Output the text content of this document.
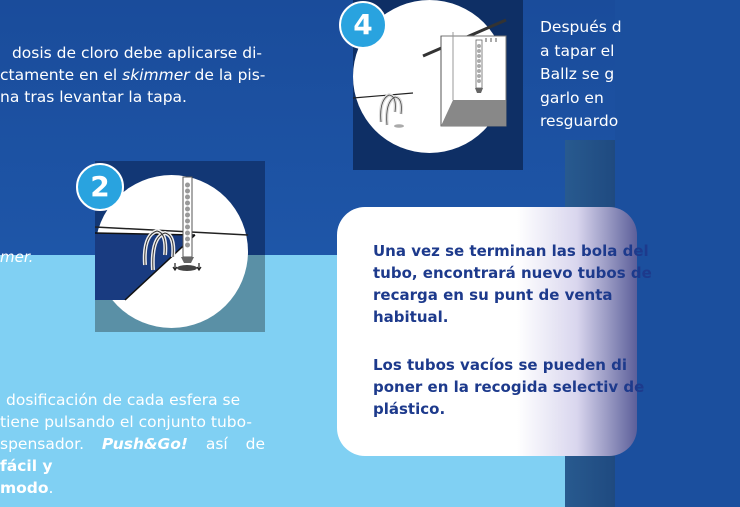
dosis de cloro debe aplicarse di-
ctamente en el skimmer de la pis-
na tras levantar la tapa.
mer.
dosificación de cada esfera se
tiene pulsando el conjunto tubo-
spensador. Push&Go! así de fácil y
modo.
2
4	Después d
a tapar el
Ballz se g
garlo en
resguardo

Una vez se terminan las bola del tubo, encontrará nuevo tubos de recarga en su punt de venta habitual.

Los tubos vacíos se pueden di poner en la recogida selectiv de plástico.
